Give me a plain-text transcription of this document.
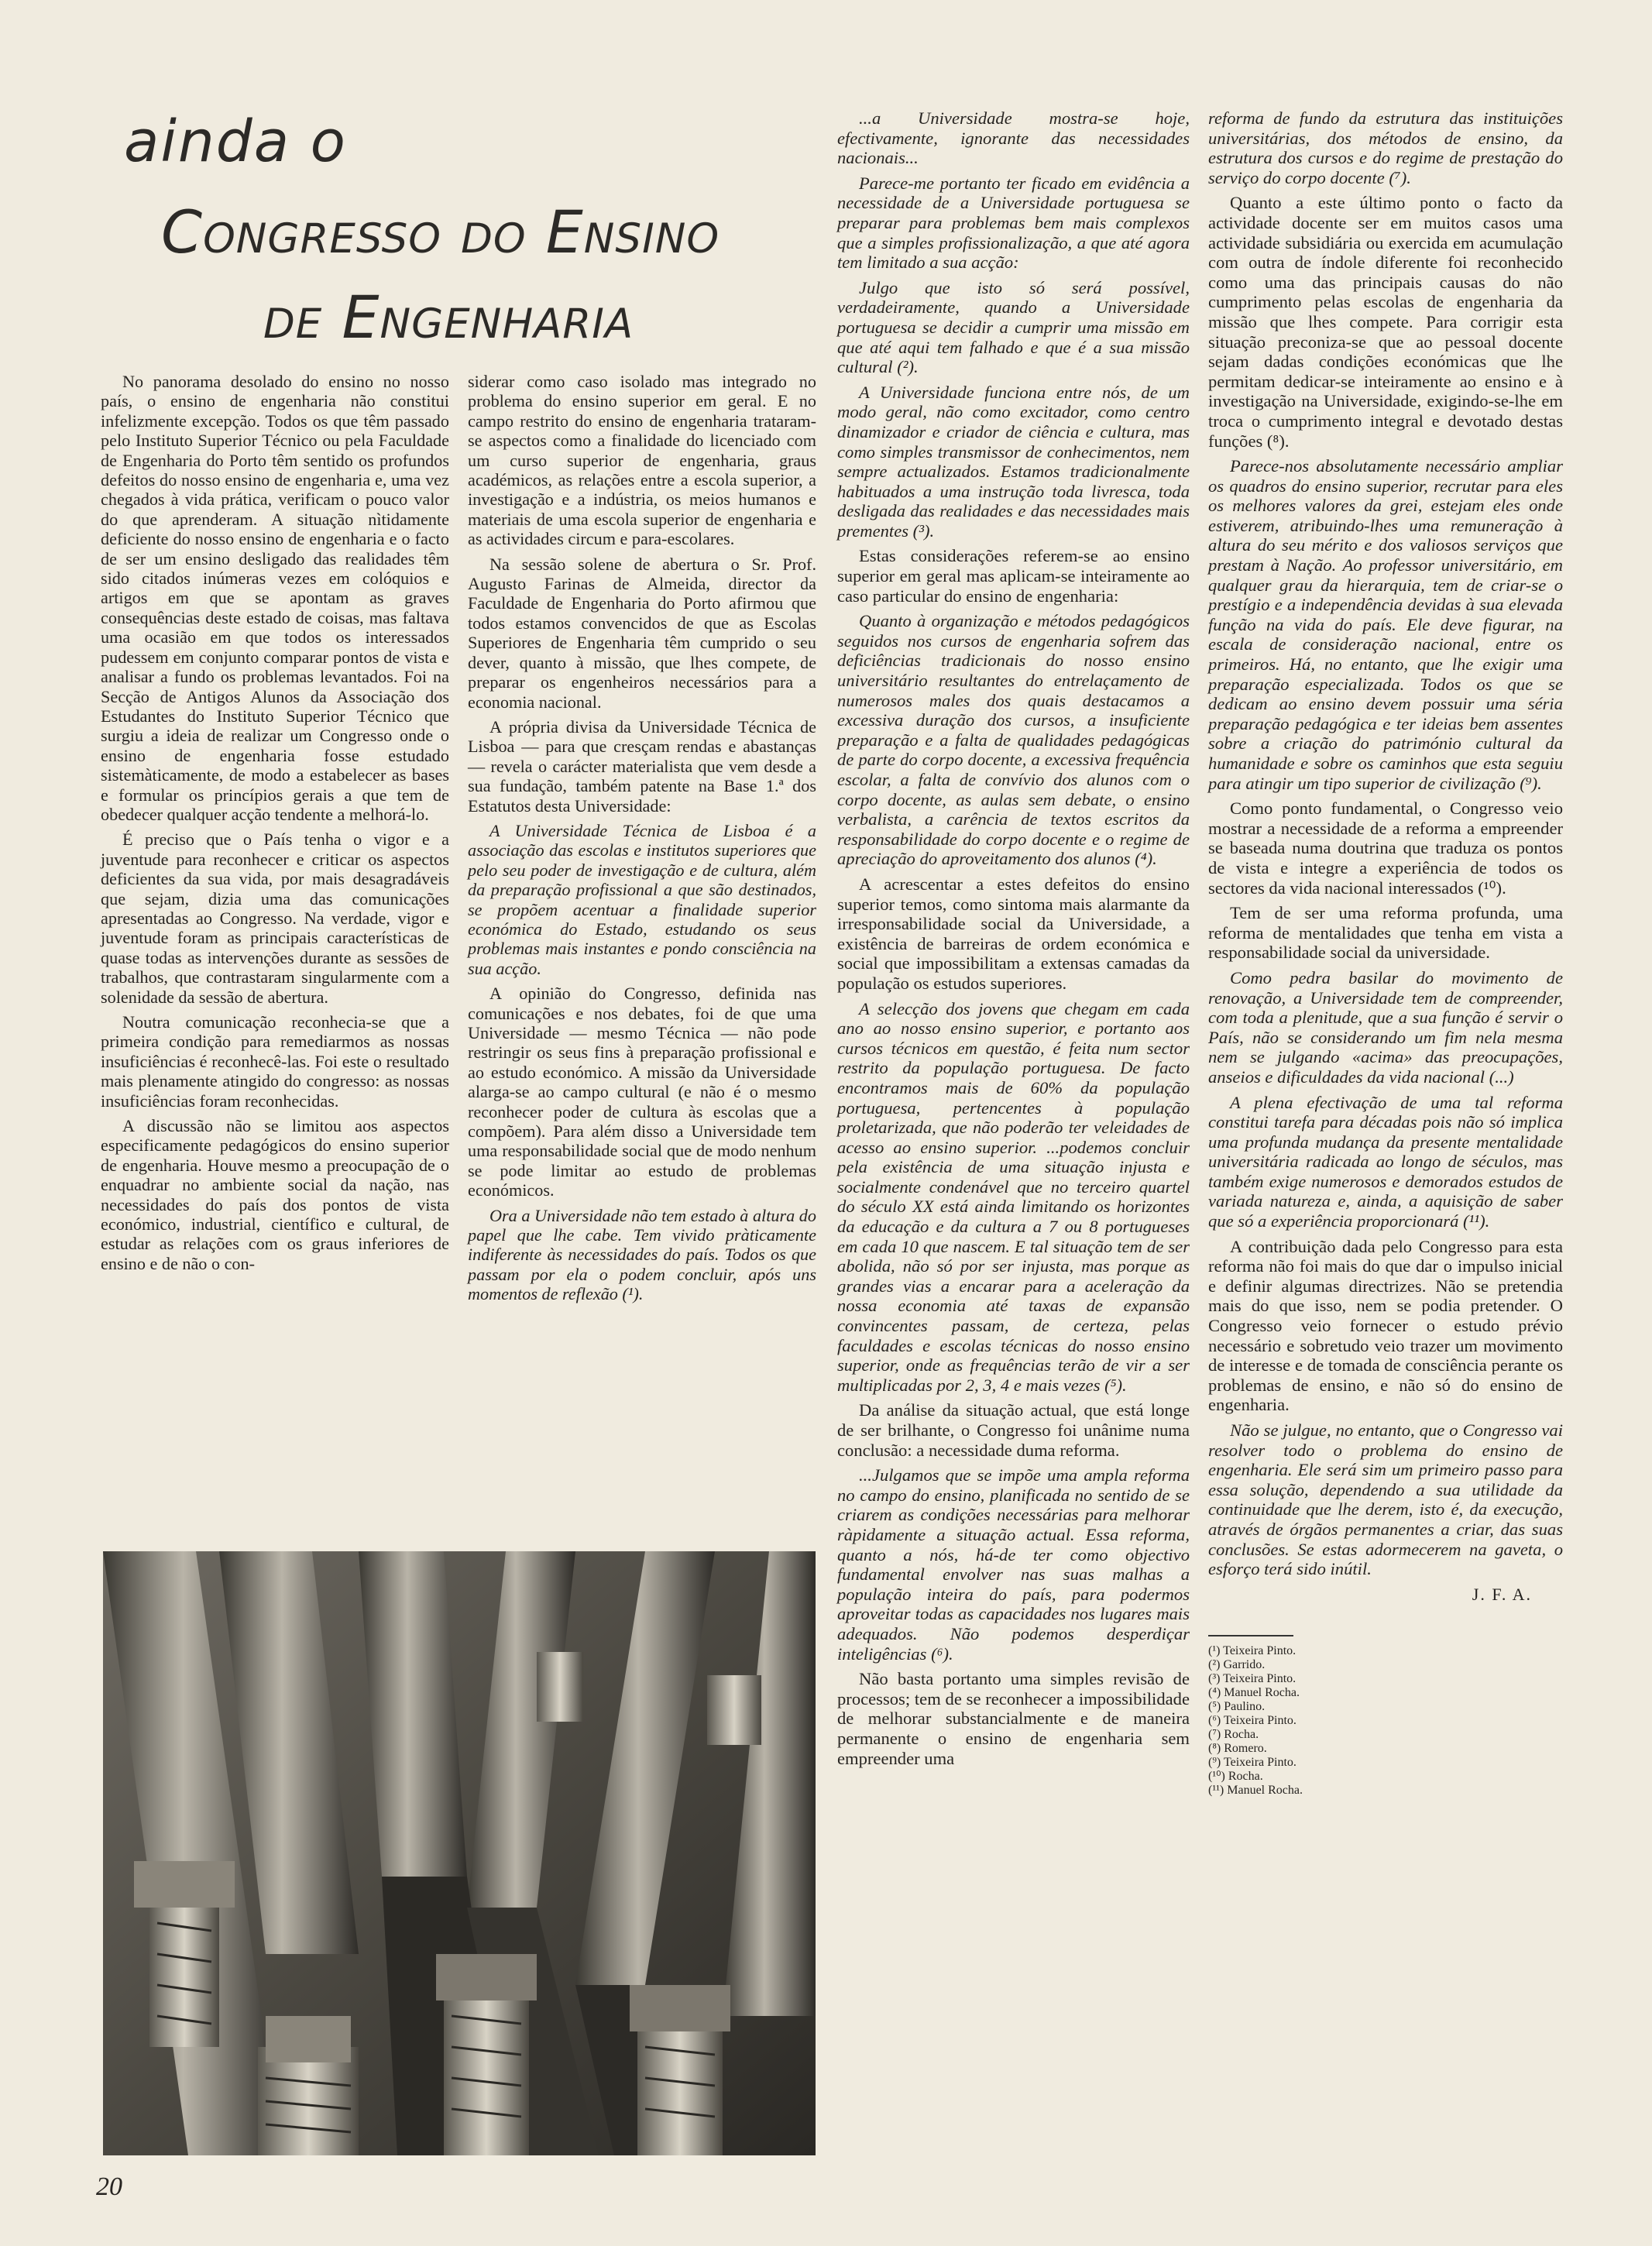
ainda o
Congresso do Ensino
de Engenharia

No panorama desolado do ensino no nosso país, o ensino de engenharia não constitui infelizmente excepção. Todos os que têm passado pelo Instituto Superior Técnico ou pela Faculdade de Engenharia do Porto têm sentido os profundos defeitos do nosso ensino de engenharia e, uma vez chegados à vida prática, verificam o pouco valor do que aprenderam. A situação nìtidamente deficiente do nosso ensino de engenharia e o facto de ser um ensino desligado das realidades têm sido citados inúmeras vezes em colóquios e artigos em que se apontam as graves consequências deste estado de coisas, mas faltava uma ocasião em que todos os interessados pudessem em conjunto comparar pontos de vista e analisar a fundo os problemas levantados. Foi na Secção de Antigos Alunos da Associação dos Estudantes do Instituto Superior Técnico que surgiu a ideia de realizar um Congresso onde o ensino de engenharia fosse estudado sistemàticamente, de modo a estabelecer as bases e formular os princípios gerais a que tem de obedecer qualquer acção tendente a melhorá-lo.

É preciso que o País tenha o vigor e a juventude para reconhecer e criticar os aspectos deficientes da sua vida, por mais desagradáveis que sejam, dizia uma das comunicações apresentadas ao Congresso. Na verdade, vigor e juventude foram as principais características de quase todas as intervenções durante as sessões de trabalhos, que contrastaram singularmente com a solenidade da sessão de abertura.

Noutra comunicação reconhecia-se que a primeira condição para remediarmos as nossas insuficiências é reconhecê-las. Foi este o resultado mais plenamente atingido do congresso: as nossas insuficiências foram reconhecidas.

A discussão não se limitou aos aspectos especificamente pedagógicos do ensino superior de engenharia. Houve mesmo a preocupação de o enquadrar no ambiente social da nação, nas necessidades do país dos pontos de vista económico, industrial, científico e cultural, de estudar as relações com os graus inferiores de ensino e de não o con-

siderar como caso isolado mas integrado no problema do ensino superior em geral. E no campo restrito do ensino de engenharia trataram-se aspectos como a finalidade do licenciado com um curso superior de engenharia, graus académicos, as relações entre a escola superior, a investigação e a indústria, os meios humanos e materiais de uma escola superior de engenharia e as actividades circum e para-escolares.

Na sessão solene de abertura o Sr. Prof. Augusto Farinas de Almeida, director da Faculdade de Engenharia do Porto afirmou que todos estamos convencidos de que as Escolas Superiores de Engenharia têm cumprido o seu dever, quanto à missão, que lhes compete, de preparar os engenheiros necessários para a economia nacional.

A própria divisa da Universidade Técnica de Lisboa — para que cresçam rendas e abastanças — revela o carácter materialista que vem desde a sua fundação, também patente na Base 1.ª dos Estatutos desta Universidade:

A Universidade Técnica de Lisboa é a associação das escolas e institutos superiores que pelo seu poder de investigação e de cultura, além da preparação profissional a que são destinados, se propõem acentuar a finalidade superior económica do Estado, estudando os seus problemas mais instantes e pondo consciência na sua acção.

A opinião do Congresso, definida nas comunicações e nos debates, foi de que uma Universidade — mesmo Técnica — não pode restringir os seus fins à preparação profissional e ao estudo económico. A missão da Universidade alarga-se ao campo cultural (e não é o mesmo reconhecer poder de cultura às escolas que a compõem). Para além disso a Universidade tem uma responsabilidade social que de modo nenhum se pode limitar ao estudo de problemas económicos.

Ora a Universidade não tem estado à altura do papel que lhe cabe. Tem vivido pràticamente indiferente às necessidades do país. Todos os que passam por ela o podem concluir, após uns momentos de reflexão (¹).

...a Universidade mostra-se hoje, efectivamente, ignorante das necessidades nacionais...

Parece-me portanto ter ficado em evidência a necessidade de a Universidade portuguesa se preparar para problemas bem mais complexos que a simples profissionalização, a que até agora tem limitado a sua acção:

Julgo que isto só será possível, verdadeiramente, quando a Universidade portuguesa se decidir a cumprir uma missão em que até aqui tem falhado e que é a sua missão cultural (²).

A Universidade funciona entre nós, de um modo geral, não como excitador, como centro dinamizador e criador de ciência e cultura, mas como simples transmissor de conhecimentos, nem sempre actualizados. Estamos tradicionalmente habituados a uma instrução toda livresca, toda desligada das realidades e das necessidades mais prementes (³).

Estas considerações referem-se ao ensino superior em geral mas aplicam-se inteiramente ao caso particular do ensino de engenharia:

Quanto à organização e métodos pedagógicos seguidos nos cursos de engenharia sofrem das deficiências tradicionais do nosso ensino universitário resultantes do entrelaçamento de numerosos males dos quais destacamos a excessiva duração dos cursos, a insuficiente preparação e a falta de qualidades pedagógicas de parte do corpo docente, a excessiva frequência escolar, a falta de convívio dos alunos com o corpo docente, as aulas sem debate, o ensino verbalista, a carência de textos escritos da responsabilidade do corpo docente e o regime de apreciação do aproveitamento dos alunos (⁴).

A acrescentar a estes defeitos do ensino superior temos, como sintoma mais alarmante da irresponsabilidade social da Universidade, a existência de barreiras de ordem económica e social que impossibilitam a extensas camadas da população os estudos superiores.

A selecção dos jovens que chegam em cada ano ao nosso ensino superior, e portanto aos cursos técnicos em questão, é feita num sector restrito da população portuguesa. De facto encontramos mais de 60% da população portuguesa, pertencentes à população proletarizada, que não poderão ter veleidades de acesso ao ensino superior. ...podemos concluir pela existência de uma situação injusta e socialmente condenável que no terceiro quartel do século XX está ainda limitando os horizontes da educação e da cultura a 7 ou 8 portugueses em cada 10 que nascem. E tal situação tem de ser abolida, não só por ser injusta, mas porque as grandes vias a encarar para a aceleração da nossa economia até taxas de expansão convincentes passam, de certeza, pelas faculdades e escolas técnicas do nosso ensino superior, onde as frequências terão de vir a ser multiplicadas por 2, 3, 4 e mais vezes (⁵).

Da análise da situação actual, que está longe de ser brilhante, o Congresso foi unânime numa conclusão: a necessidade duma reforma.

...Julgamos que se impõe uma ampla reforma no campo do ensino, planificada no sentido de se criarem as condições necessárias para melhorar ràpidamente a situação actual. Essa reforma, quanto a nós, há-de ter como objectivo fundamental envolver nas suas malhas a população inteira do país, para podermos aproveitar todas as capacidades nos lugares mais adequados. Não podemos desperdiçar inteligências (⁶).

Não basta portanto uma simples revisão de processos; tem de se reconhecer a impossibilidade de melhorar substancialmente e de maneira permanente o ensino de engenharia sem empreender uma

reforma de fundo da estrutura das instituições universitárias, dos métodos de ensino, da estrutura dos cursos e do regime de prestação do serviço do corpo docente (⁷).

Quanto a este último ponto o facto da actividade docente ser em muitos casos uma actividade subsidiária ou exercida em acumulação com outra de índole diferente foi reconhecido como uma das principais causas do não cumprimento pelas escolas de engenharia da missão que lhes compete. Para corrigir esta situação preconiza-se que ao pessoal docente sejam dadas condições económicas que lhe permitam dedicar-se inteiramente ao ensino e à investigação na Universidade, exigindo-se-lhe em troca o cumprimento integral e devotado destas funções (⁸).

Parece-nos absolutamente necessário ampliar os quadros do ensino superior, recrutar para eles os melhores valores da grei, estejam eles onde estiverem, atribuindo-lhes uma remuneração à altura do seu mérito e dos valiosos serviços que prestam à Nação. Ao professor universitário, em qualquer grau da hierarquia, tem de criar-se o prestígio e a independência devidas à sua elevada função na vida do país. Ele deve figurar, na escala de consideração nacional, entre os primeiros. Há, no entanto, que lhe exigir uma preparação especializada. Todos os que se dedicam ao ensino devem possuir uma séria preparação pedagógica e ter ideias bem assentes sobre a criação do património cultural da humanidade e sobre os caminhos que esta seguiu para atingir um tipo superior de civilização (⁹).

Como ponto fundamental, o Congresso veio mostrar a necessidade de a reforma a empreender se baseada numa doutrina que traduza os pontos de vista e integre a experiência de todos os sectores da vida nacional interessados (¹⁰).

Tem de ser uma reforma profunda, uma reforma de mentalidades que tenha em vista a responsabilidade social da universidade.

Como pedra basilar do movimento de renovação, a Universidade tem de compreender, com toda a plenitude, que a sua função é servir o País, não se considerando um fim nela mesma nem se julgando «acima» das preocupações, anseios e dificuldades da vida nacional (...)

A plena efectivação de uma tal reforma constitui tarefa para décadas pois não só implica uma profunda mudança da presente mentalidade universitária radicada ao longo de séculos, mas também exige numerosos e demorados estudos de variada natureza e, ainda, a aquisição de saber que só a experiência proporcionará (¹¹).

A contribuição dada pelo Congresso para esta reforma não foi mais do que dar o impulso inicial e definir algumas directrizes. Não se pretendia mais do que isso, nem se podia pretender. O Congresso veio fornecer o estudo prévio necessário e sobretudo veio trazer um movimento de interesse e de tomada de consciência perante os problemas de ensino, e não só do ensino de engenharia.

Não se julgue, no entanto, que o Congresso vai resolver todo o problema do ensino de engenharia. Ele será sim um primeiro passo para essa solução, dependendo a sua utilidade da continuidade que lhe derem, isto é, da execução, através de órgãos permanentes a criar, das suas conclusões. Se estas adormecerem na gaveta, o esforço terá sido inútil.

J. F. A.
(¹) Teixeira Pinto.
(²) Garrido.
(³) Teixeira Pinto.
(⁴) Manuel Rocha.
(⁵) Paulino.
(⁶) Teixeira Pinto.
(⁷) Rocha.
(⁸) Romero.
(⁹) Teixeira Pinto.
(¹⁰) Rocha.
(¹¹) Manuel Rocha.
20
